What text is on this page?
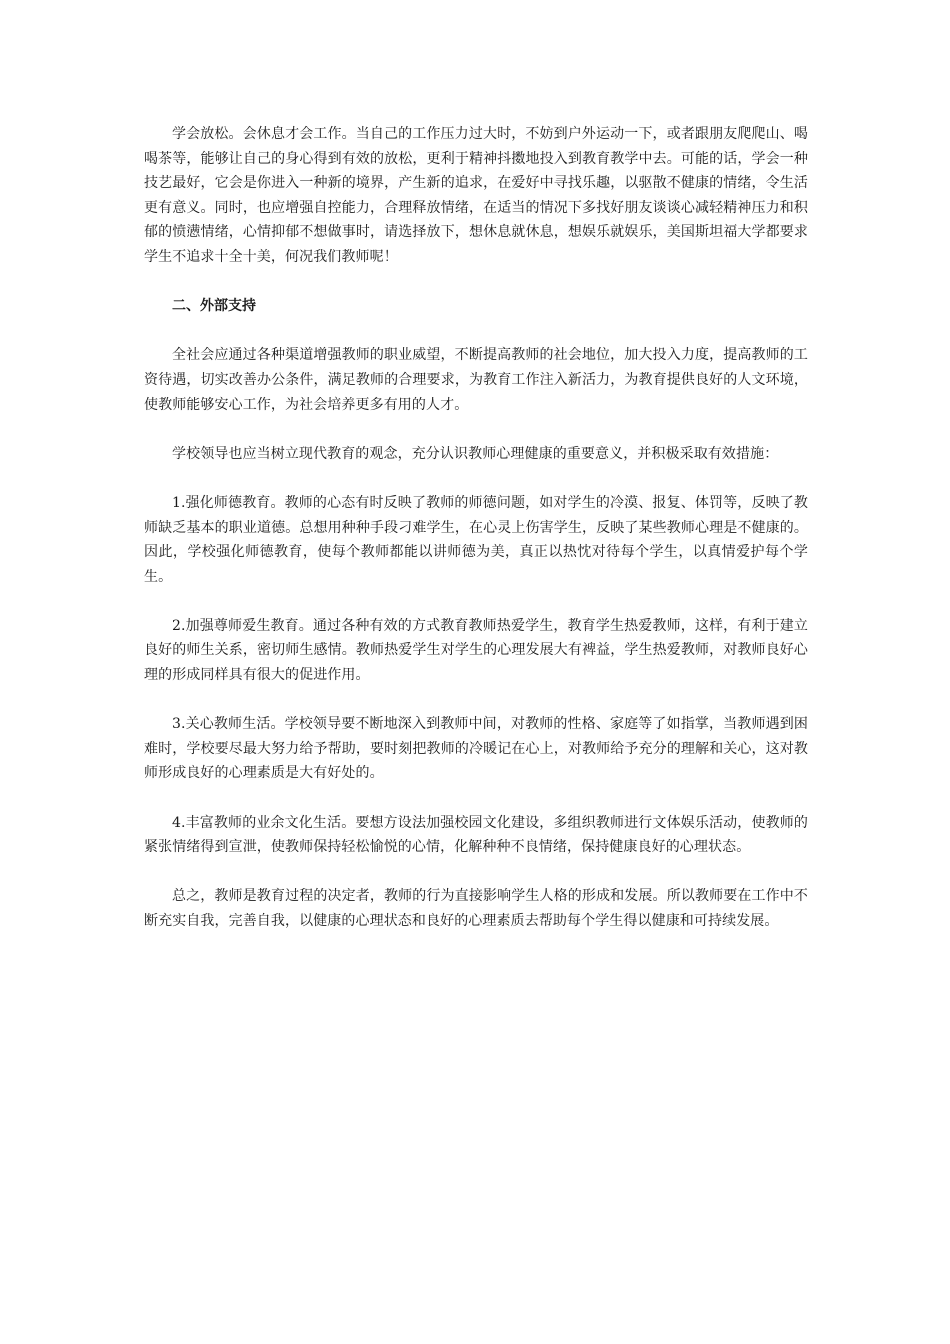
学会放松。会休息才会工作。当自己的工作压力过大时，不妨到户外运动一下，或者跟朋友爬爬山、喝喝茶等，能够让自己的身心得到有效的放松，更利于精神抖擞地投入到教育教学中去。可能的话，学会一种技艺最好，它会是你进入一种新的境界，产生新的追求，在爱好中寻找乐趣，以驱散不健康的情绪，令生活更有意义。同时，也应增强自控能力，合理释放情绪，在适当的情况下多找好朋友谈谈心减轻精神压力和积郁的愤懑情绪，心情抑郁不想做事时，请选择放下，想休息就休息，想娱乐就娱乐，美国斯坦福大学都要求学生不追求十全十美，何况我们教师呢！

二、外部支持

全社会应通过各种渠道增强教师的职业威望，不断提高教师的社会地位，加大投入力度，提高教师的工资待遇，切实改善办公条件，满足教师的合理要求，为教育工作注入新活力，为教育提供良好的人文环境，使教师能够安心工作，为社会培养更多有用的人才。

学校领导也应当树立现代教育的观念，充分认识教师心理健康的重要意义，并积极采取有效措施：

1.强化师德教育。教师的心态有时反映了教师的师德问题，如对学生的冷漠、报复、体罚等，反映了教师缺乏基本的职业道德。总想用种种手段刁难学生，在心灵上伤害学生，反映了某些教师心理是不健康的。因此，学校强化师德教育，使每个教师都能以讲师德为美，真正以热忱对待每个学生，以真情爱护每个学生。

2.加强尊师爱生教育。通过各种有效的方式教育教师热爱学生，教育学生热爱教师，这样，有利于建立良好的师生关系，密切师生感情。教师热爱学生对学生的心理发展大有裨益，学生热爱教师，对教师良好心理的形成同样具有很大的促进作用。

3.关心教师生活。学校领导要不断地深入到教师中间，对教师的性格、家庭等了如指掌，当教师遇到困难时，学校要尽最大努力给予帮助，要时刻把教师的冷暖记在心上，对教师给予充分的理解和关心，这对教师形成良好的心理素质是大有好处的。

4.丰富教师的业余文化生活。要想方设法加强校园文化建设，多组织教师进行文体娱乐活动，使教师的紧张情绪得到宣泄，使教师保持轻松愉悦的心情，化解种种不良情绪，保持健康良好的心理状态。

总之，教师是教育过程的决定者，教师的行为直接影响学生人格的形成和发展。所以教师要在工作中不断充实自我，完善自我，以健康的心理状态和良好的心理素质去帮助每个学生得以健康和可持续发展。
